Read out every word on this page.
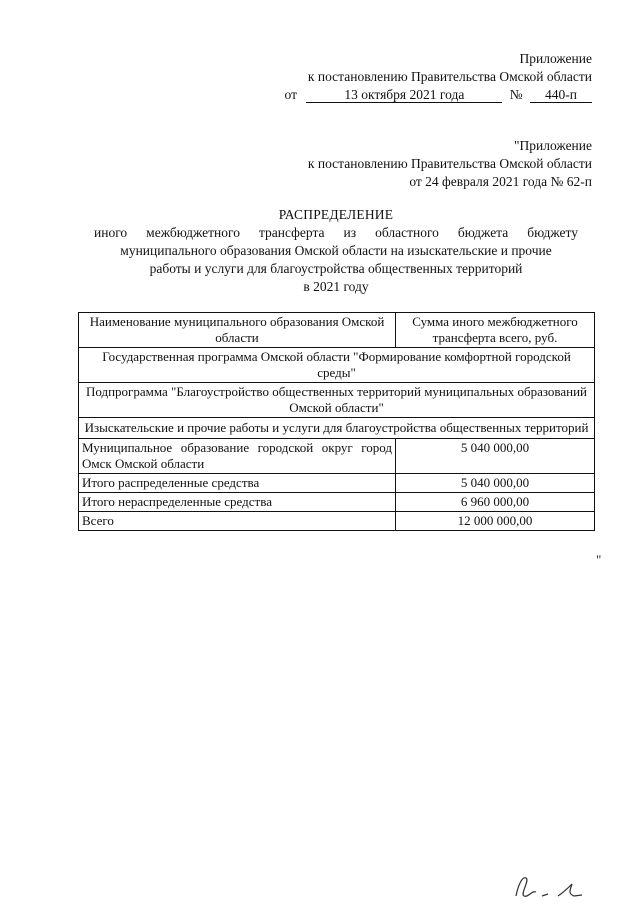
Приложение
к постановлению Правительства Омской области
от	13 октября 2021 года	№ 440-п
"Приложение
к постановлению Правительства Омской области
от 24 февраля 2021 года № 62-п
РАСПРЕДЕЛЕНИЕ
иного межбюджетного трансферта из областного бюджета бюджету
муниципального образования Омской области на изыскательские и прочие
работы и услуги для благоустройства общественных территорий
в 2021 году
Наименование муниципального образования Омской области	Сумма иного межбюджетного трансферта всего, руб.
Государственная программа Омской области "Формирование комфортной городской среды"	
Подпрограмма "Благоустройство общественных территорий муниципальных образований Омской области"	
Изыскательские и прочие работы и услуги для благоустройства общественных территорий	
Муниципальное образование городской округ город Омск Омской области	5 040 000,00
Итого распределенные средства	5 040 000,00
Итого нераспределенные средства	6 960 000,00
Всего	12 000 000,00
"
